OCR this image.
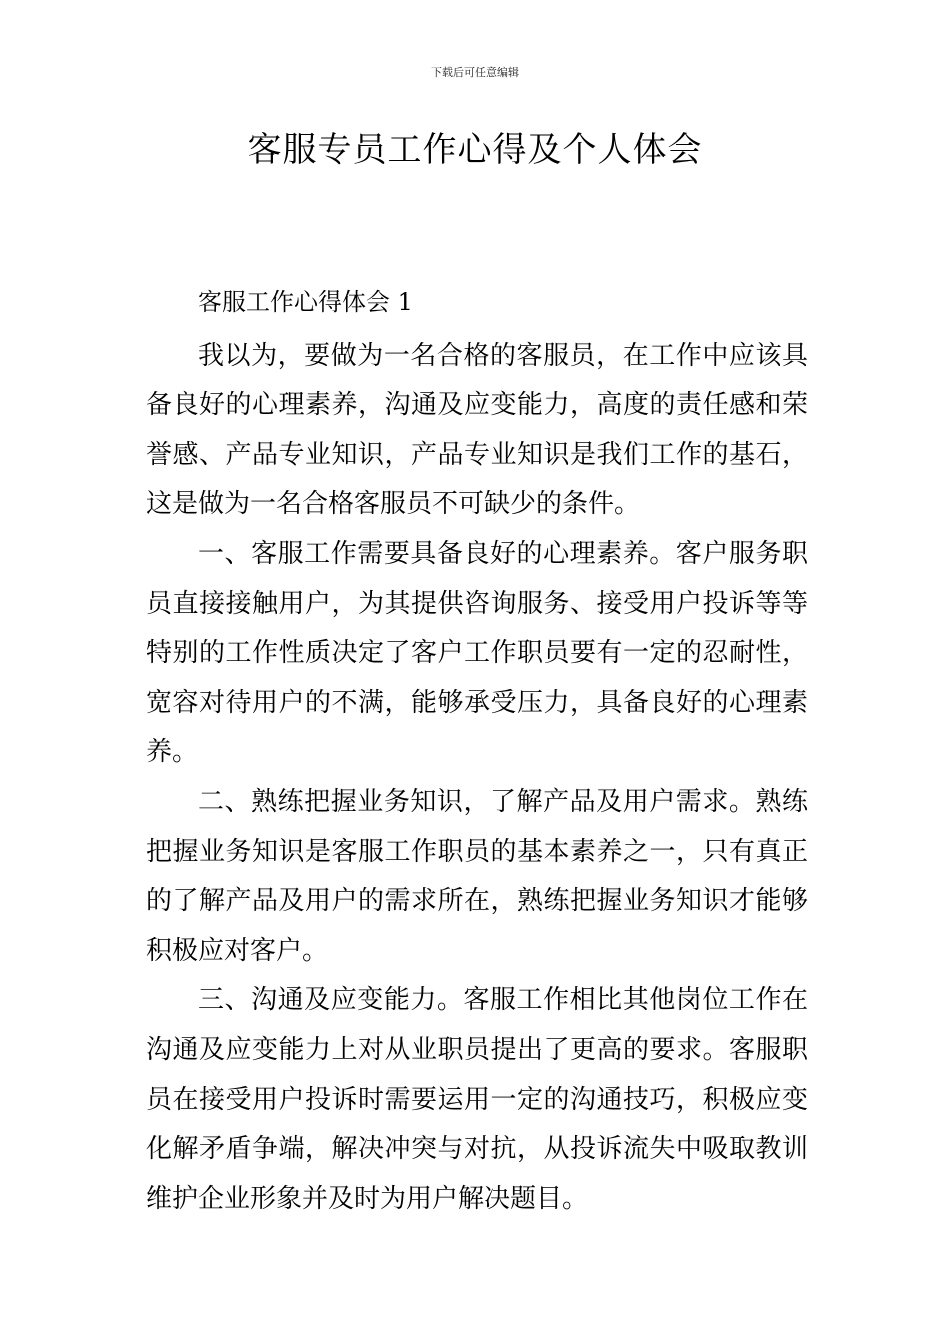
下载后可任意编辑
客服专员工作心得及个人体会

客服工作心得体会 1

我以为，要做为一名合格的客服员，在工作中应该具备良好的心理素养，沟通及应变能力，高度的责任感和荣誉感、产品专业知识，产品专业知识是我们工作的基石，这是做为一名合格客服员不可缺少的条件。

一、客服工作需要具备良好的心理素养。客户服务职员直接接触用户，为其提供咨询服务、接受用户投诉等等特别的工作性质决定了客户工作职员要有一定的忍耐性，宽容对待用户的不满，能够承受压力，具备良好的心理素养。

二、熟练把握业务知识，了解产品及用户需求。熟练把握业务知识是客服工作职员的基本素养之一，只有真正的了解产品及用户的需求所在，熟练把握业务知识才能够积极应对客户。

三、沟通及应变能力。客服工作相比其他岗位工作在沟通及应变能力上对从业职员提出了更高的要求。客服职员在接受用户投诉时需要运用一定的沟通技巧，积极应变化解矛盾争端，解决冲突与对抗，从投诉流失中吸取教训维护企业形象并及时为用户解决题目。
